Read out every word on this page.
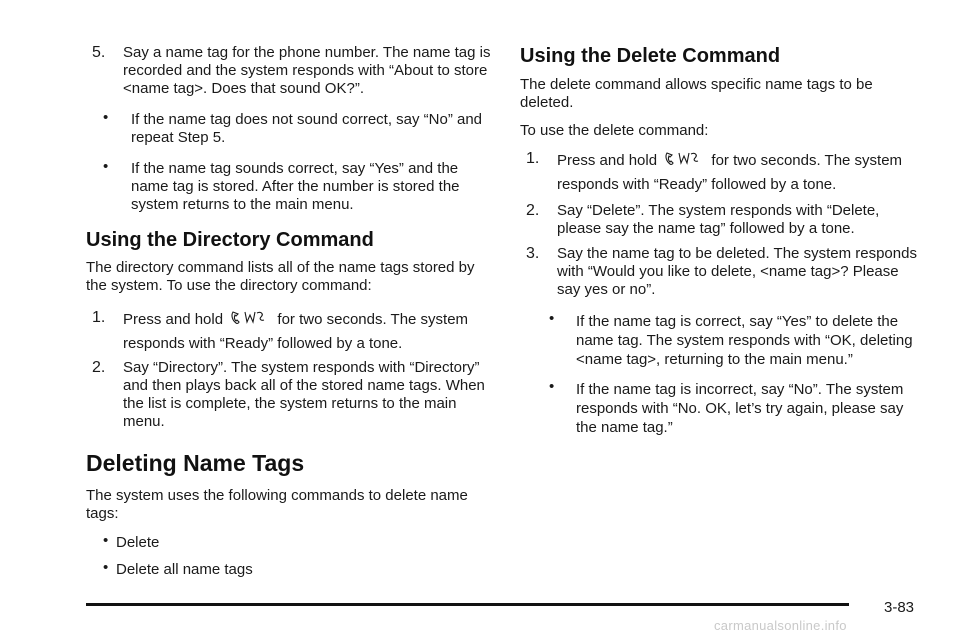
5. Say a name tag for the phone number. The name tag is recorded and the system responds with “About to store <name tag>. Does that sound OK?”.

•	If the name tag does not sound correct, say “No” and repeat Step 5.

•	If the name tag sounds correct, say “Yes” and the name tag is stored. After the number is stored the system returns to the main menu.

Using the Directory Command

The directory command lists all of the name tags stored by the system. To use the directory command:

1. Press and hold	for two seconds. The system responds with “Ready” followed by a tone.

2. Say “Directory”. The system responds with “Directory” and then plays back all of the stored name tags. When the list is complete, the system returns to the main menu.

Deleting Name Tags

The system uses the following commands to delete name tags:

• Delete

• Delete all name tags

Using the Delete Command

The delete command allows specific name tags to be deleted.

To use the delete command:

1. Press and hold	for two seconds. The system responds with “Ready” followed by a tone.

2. Say “Delete”. The system responds with “Delete, please say the name tag” followed by a tone.

3. Say the name tag to be deleted. The system responds with “Would you like to delete, <name tag>? Please say yes or no”.

•	If the name tag is correct, say “Yes” to delete the name tag. The system responds with “OK, deleting <name tag>, returning to the main menu.”

•	If the name tag is incorrect, say “No”. The system responds with “No. OK, let’s try again, please say the name tag.”

3-83
carmanualsonline.info
